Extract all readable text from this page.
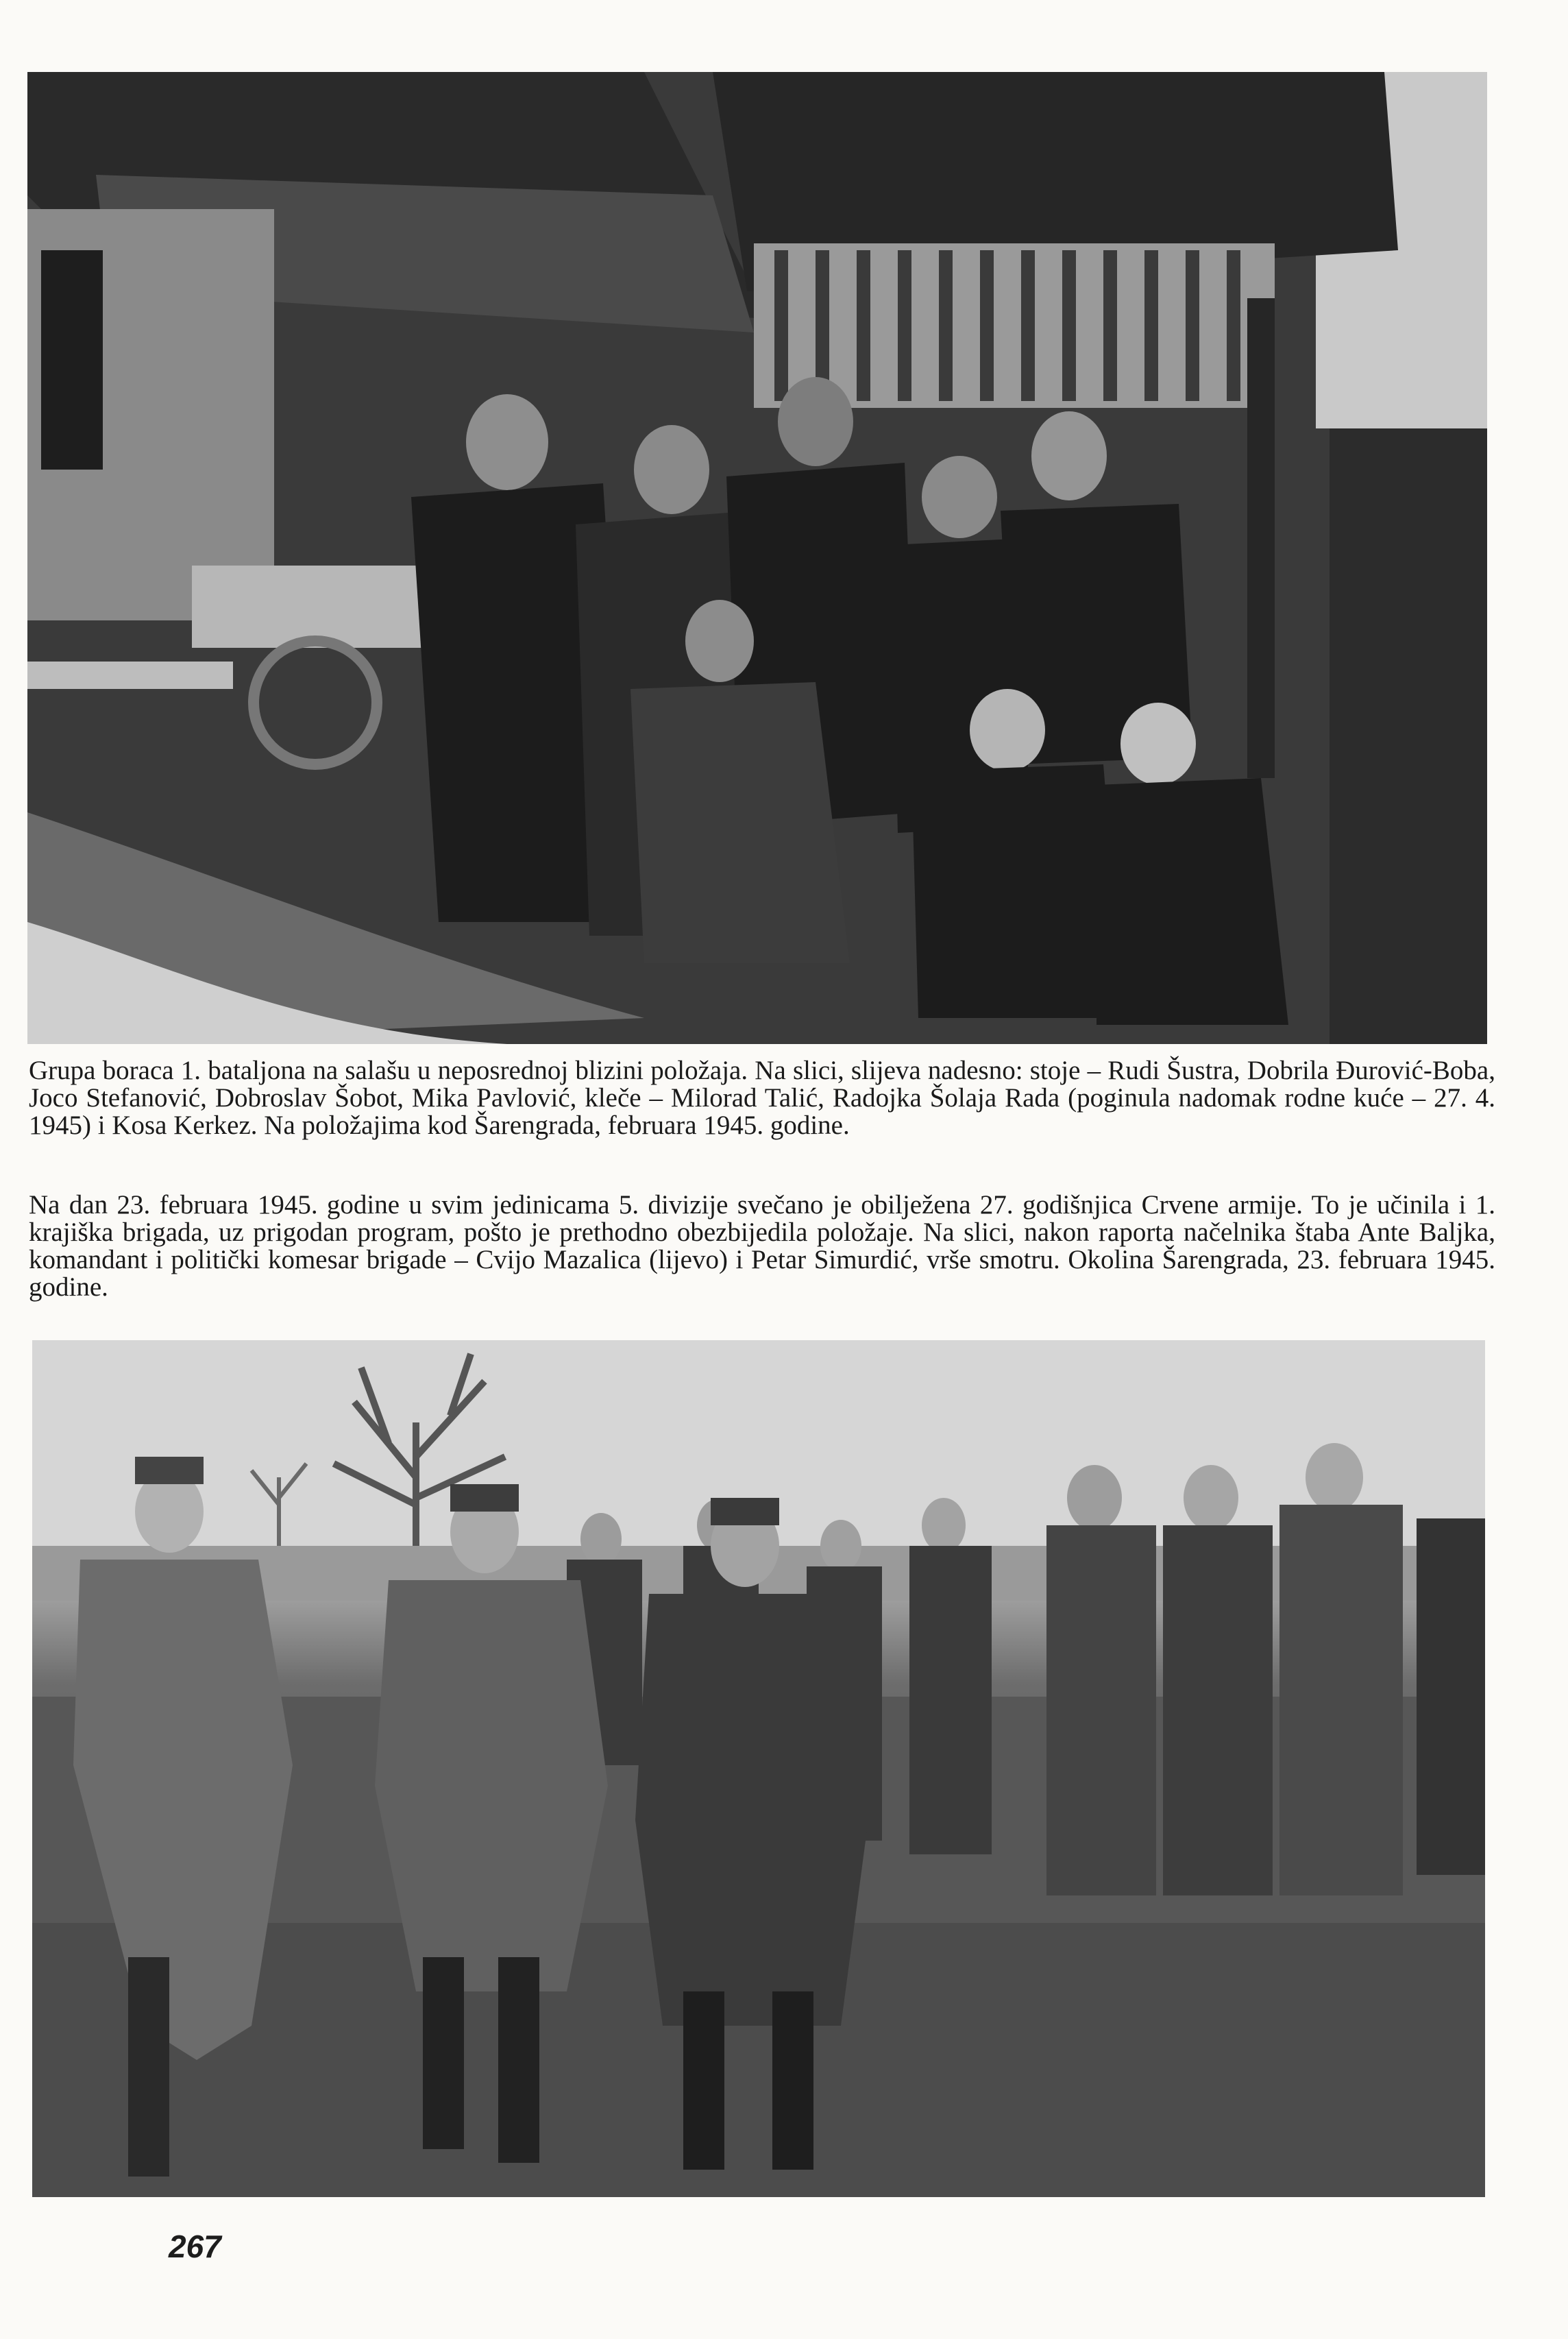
Grupa boraca 1. bataljona na salašu u neposrednoj blizini položaja. Na slici, slijeva nadesno: stoje – Rudi Šustra, Dobrila Đurović-Boba, Joco Stefanović, Dobroslav Šobot, Mika Pavlović, kleče – Milorad Talić, Radojka Šolaja Rada (poginula nadomak rodne kuće – 27. 4. 1945) i Kosa Kerkez. Na položajima kod Šarengrada, februara 1945. godine.
Na dan 23. februara 1945. godine u svim jedinicama 5. divizije svečano je obilježena 27. godišnjica Crvene armije. To je učinila i 1. krajiška brigada, uz prigodan program, pošto je prethodno obezbijedila položaje. Na slici, nakon raporta načelnika štaba Ante Baljka, komandant i politički komesar brigade – Cvijo Mazalica (lijevo) i Petar Simurdić, vrše smotru. Okolina Šarengrada, 23. februara 1945. godine.
267
